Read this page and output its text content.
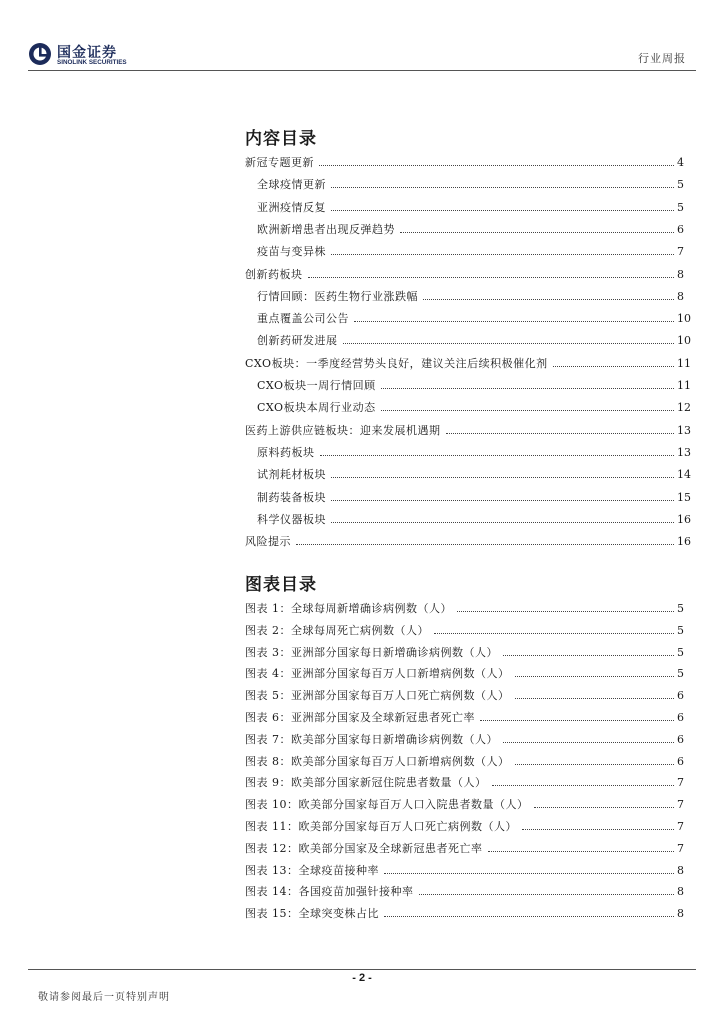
国金证券
SINOLINK SECURITIES	行业周报
内容目录
新冠专题更新	4
全球疫情更新	5
亚洲疫情反复	5
欧洲新增患者出现反弹趋势	6
疫苗与变异株	7
创新药板块	8
行情回顾：医药生物行业涨跌幅	8
重点覆盖公司公告	10
创新药研发进展	10
CXO板块：一季度经营势头良好，建议关注后续积极催化剂	11
CXO板块一周行情回顾	11
CXO板块本周行业动态	12
医药上游供应链板块：迎来发展机遇期	13
原料药板块	13
试剂耗材板块	14
制药装备板块	15
科学仪器板块	16
风险提示	16
图表目录
图表 1：全球每周新增确诊病例数（人）	5
图表 2：全球每周死亡病例数（人）	5
图表 3：亚洲部分国家每日新增确诊病例数（人）	5
图表 4：亚洲部分国家每百万人口新增病例数（人）	5
图表 5：亚洲部分国家每百万人口死亡病例数（人）	6
图表 6：亚洲部分国家及全球新冠患者死亡率	6
图表 7：欧美部分国家每日新增确诊病例数（人）	6
图表 8：欧美部分国家每百万人口新增病例数（人）	6
图表 9：欧美部分国家新冠住院患者数量（人）	7
图表 10：欧美部分国家每百万人口入院患者数量（人）	7
图表 11：欧美部分国家每百万人口死亡病例数（人）	7
图表 12：欧美部分国家及全球新冠患者死亡率	7
图表 13：全球疫苗接种率	8
图表 14：各国疫苗加强针接种率	8
图表 15：全球突变株占比	8
- 2 -
敬请参阅最后一页特别声明
